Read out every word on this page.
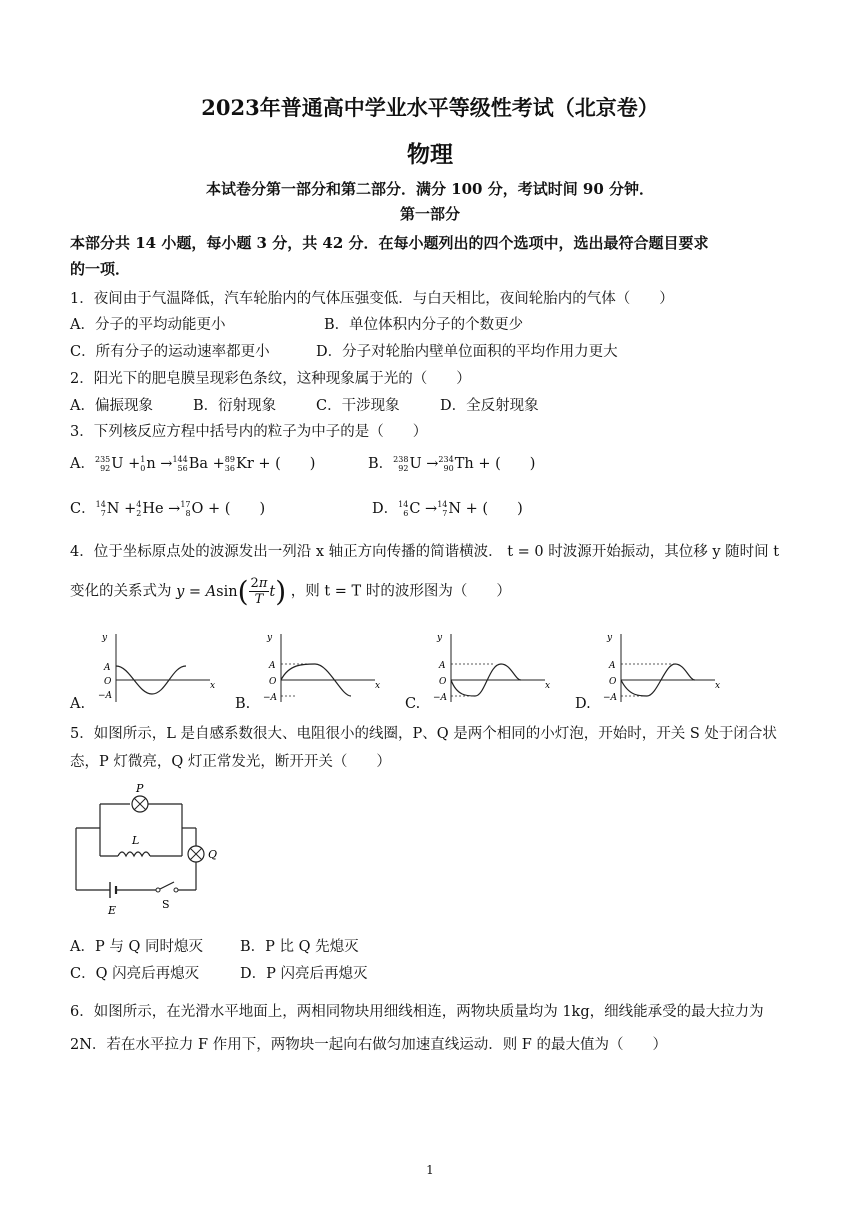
2023年普通高中学业水平等级性考试（北京卷）
物理
本试卷分第一部分和第二部分．满分 100 分，考试时间 90 分钟．
第一部分
本部分共 14 小题，每小题 3 分，共 42 分．在每小题列出的四个选项中，选出最符合题目要求
的一项．
1．夜间由于气温降低，汽车轮胎内的气体压强变低．与白天相比，夜间轮胎内的气体（　　）
A．分子的平均动能更小	B．单位体积内分子的个数更少
C．所有分子的运动速率都更小	D．分子对轮胎内壁单位面积的平均作用力更大
2．阳光下的肥皂膜呈现彩色条纹，这种现象属于光的（　　）
A．偏振现象	B．衍射现象	C．干涉现象	D．全反射现象
3．下列核反应方程中括号内的粒子为中子的是（　　）
A． 235
92 U + 1
0 n → 144
56 Ba + 89
36 Kr + (　　)	B． 238
92 U → 234
90 Th + (　　)
C． 14
7 N + 4
2 He → 17
8 O + (　　)	D． 14
6 C → 14
7 N + (　　)
4．位于坐标原点处的波源发出一列沿 x 轴正方向传播的简谐横波． t = 0 时波源开始振动，其位移 y 随时间 t
变化的关系式为 y = A sin ( 2π
T t ) ，则 t = T 时的波形图为（　　）
A.
y
A
O
−A
x
B.
y
A
O
−A
x
C.
y
A
O
−A
x
D.
y
A
O
−A
x
5．如图所示，L 是自感系数很大、电阻很小的线圈，P、Q 是两个相同的小灯泡，开始时，开关 S 处于闭合状
态，P 灯微亮，Q 灯正常发光，断开开关（　　）
P
L
Q
E	S
A．P 与 Q 同时熄灭	B．P 比 Q 先熄灭
C．Q 闪亮后再熄灭	D．P 闪亮后再熄灭
6．如图所示，在光滑水平地面上，两相同物块用细线相连，两物块质量均为 1kg，细线能承受的最大拉力为
2N．若在水平拉力 F 作用下，两物块一起向右做匀加速直线运动．则 F 的最大值为（　　）
1
